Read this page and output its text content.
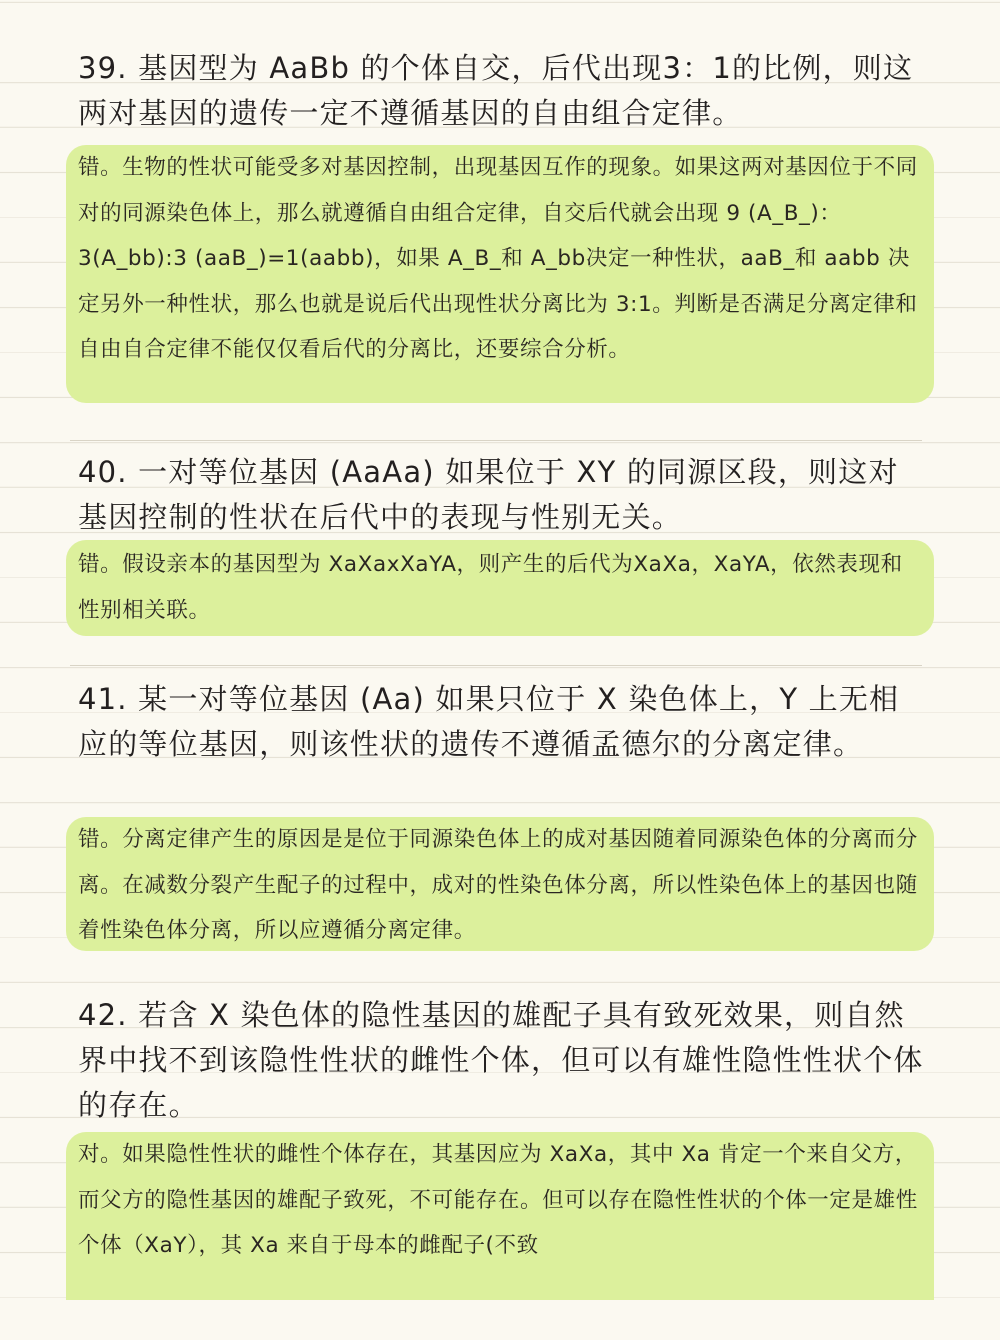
39. 基因型为 AaBb 的个体自交，后代出现3：1的比例，则这两对基因的遗传一定不遵循基因的自由组合定律。

错。生物的性状可能受多对基因控制，出现基因互作的现象。如果这两对基因位于不同对的同源染色体上，那么就遵循自由组合定律，自交后代就会出现 9 (A_B_)：3(A_bb):3 (aaB_)=1(aabb)，如果 A_B_和 A_bb决定一种性状，aaB_和 aabb 决定另外一种性状，那么也就是说后代出现性状分离比为 3:1。判断是否满足分离定律和自由自合定律不能仅仅看后代的分离比，还要综合分析。

40. 一对等位基因 (AaAa) 如果位于 XY 的同源区段，则这对基因控制的性状在后代中的表现与性别无关。

错。假设亲本的基因型为 XaXaxXaYA，则产生的后代为XaXa，XaYA，依然表现和性别相关联。

41. 某一对等位基因 (Aa) 如果只位于 X 染色体上，Y 上无相应的等位基因，则该性状的遗传不遵循孟德尔的分离定律。

错。分离定律产生的原因是是位于同源染色体上的成对基因随着同源染色体的分离而分离。在减数分裂产生配子的过程中，成对的性染色体分离，所以性染色体上的基因也随着性染色体分离，所以应遵循分离定律。

42. 若含 X 染色体的隐性基因的雄配子具有致死效果，则自然界中找不到该隐性性状的雌性个体，但可以有雄性隐性性状个体的存在。

对。如果隐性性状的雌性个体存在，其基因应为 XaXa，其中 Xa 肯定一个来自父方，而父方的隐性基因的雄配子致死，不可能存在。但可以存在隐性性状的个体一定是雄性个体（XaY），其 Xa 来自于母本的雌配子(不致
